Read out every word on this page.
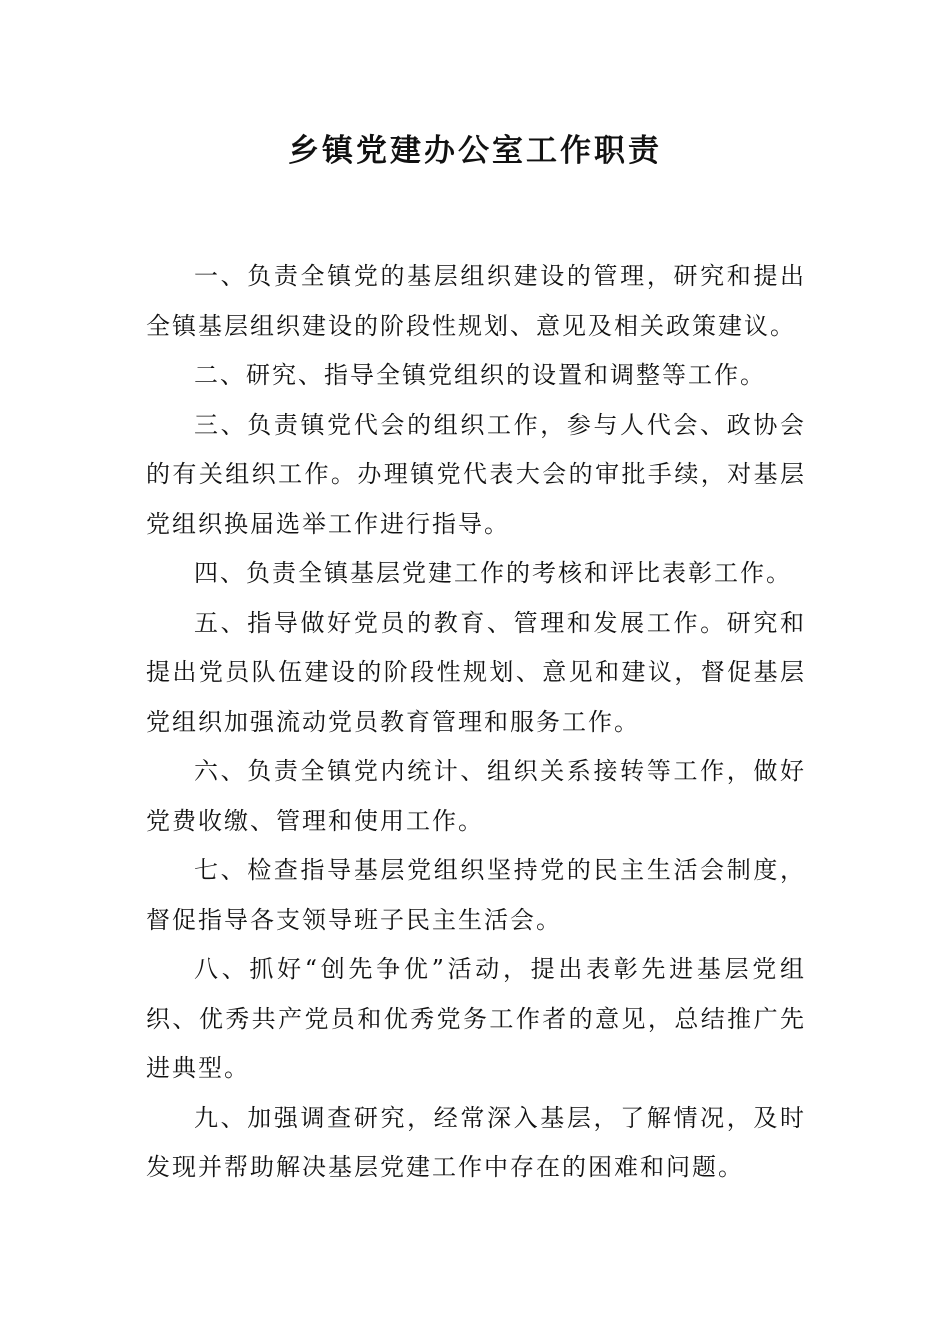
乡镇党建办公室工作职责

一、负责全镇党的基层组织建设的管理，研究和提出全镇基层组织建设的阶段性规划、意见及相关政策建议。

二、研究、指导全镇党组织的设置和调整等工作。

三、负责镇党代会的组织工作，参与人代会、政协会的有关组织工作。办理镇党代表大会的审批手续，对基层党组织换届选举工作进行指导。

四、负责全镇基层党建工作的考核和评比表彰工作。

五、指导做好党员的教育、管理和发展工作。研究和提出党员队伍建设的阶段性规划、意见和建议，督促基层党组织加强流动党员教育管理和服务工作。

六、负责全镇党内统计、组织关系接转等工作，做好党费收缴、管理和使用工作。

七、检查指导基层党组织坚持党的民主生活会制度，督促指导各支领导班子民主生活会。

八、抓好“创先争优”活动，提出表彰先进基层党组织、优秀共产党员和优秀党务工作者的意见，总结推广先进典型。

九、加强调查研究，经常深入基层，了解情况，及时发现并帮助解决基层党建工作中存在的困难和问题。
